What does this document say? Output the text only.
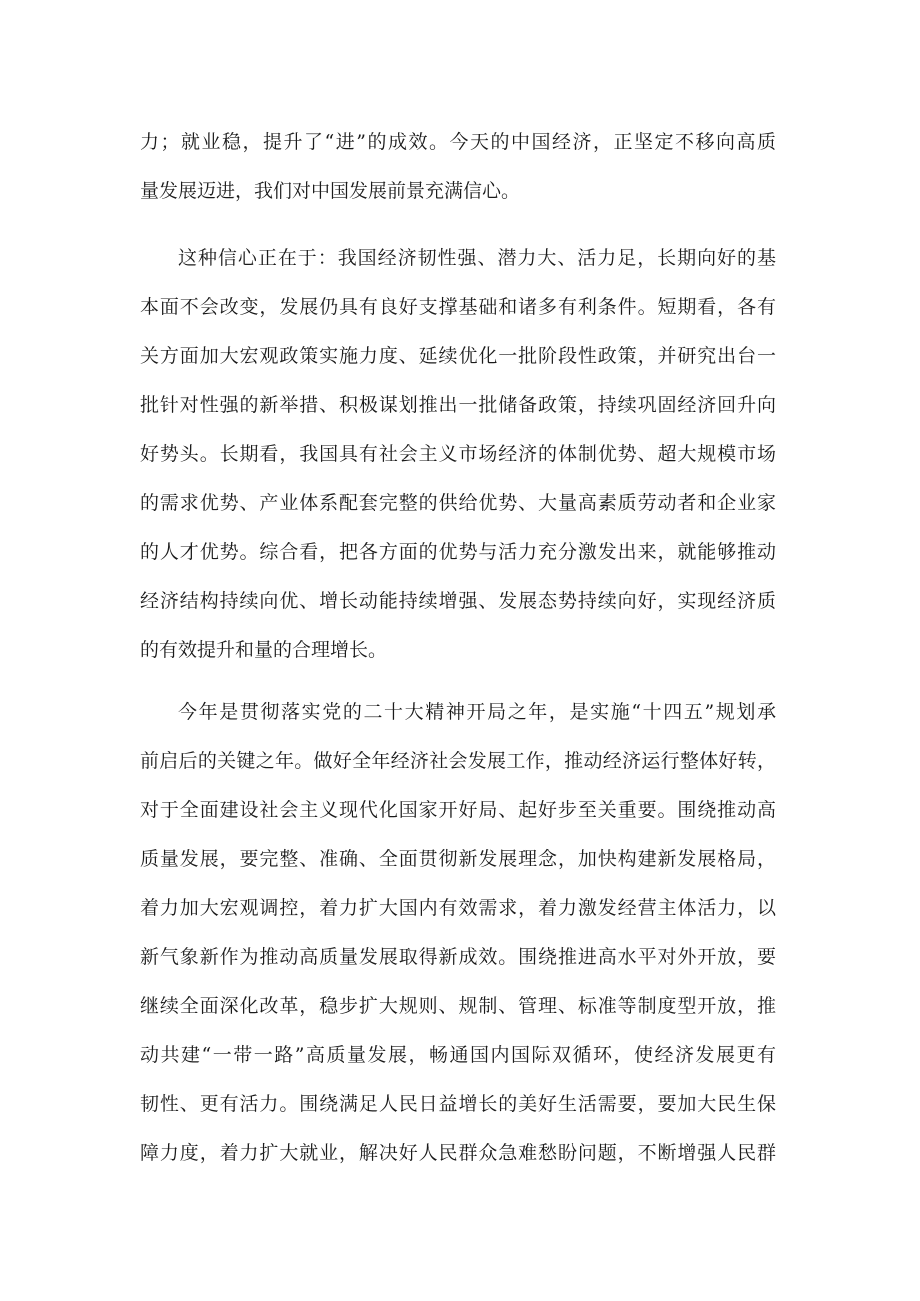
力；就业稳，提升了“进”的成效。今天的中国经济，正坚定不移向高质
量发展迈进，我们对中国发展前景充满信心。
这种信心正在于：我国经济韧性强、潜力大、活力足，长期向好的基
本面不会改变，发展仍具有良好支撑基础和诸多有利条件。短期看，各有
关方面加大宏观政策实施力度、延续优化一批阶段性政策，并研究出台一
批针对性强的新举措、积极谋划推出一批储备政策，持续巩固经济回升向
好势头。长期看，我国具有社会主义市场经济的体制优势、超大规模市场
的需求优势、产业体系配套完整的供给优势、大量高素质劳动者和企业家
的人才优势。综合看，把各方面的优势与活力充分激发出来，就能够推动
经济结构持续向优、增长动能持续增强、发展态势持续向好，实现经济质
的有效提升和量的合理增长。
今年是贯彻落实党的二十大精神开局之年，是实施“十四五”规划承
前启后的关键之年。做好全年经济社会发展工作，推动经济运行整体好转，
对于全面建设社会主义现代化国家开好局、起好步至关重要。围绕推动高
质量发展，要完整、准确、全面贯彻新发展理念，加快构建新发展格局，
着力加大宏观调控，着力扩大国内有效需求，着力激发经营主体活力，以
新气象新作为推动高质量发展取得新成效。围绕推进高水平对外开放，要
继续全面深化改革，稳步扩大规则、规制、管理、标准等制度型开放，推
动共建“一带一路”高质量发展，畅通国内国际双循环，使经济发展更有
韧性、更有活力。围绕满足人民日益增长的美好生活需要，要加大民生保
障力度，着力扩大就业，解决好人民群众急难愁盼问题，不断增强人民群
